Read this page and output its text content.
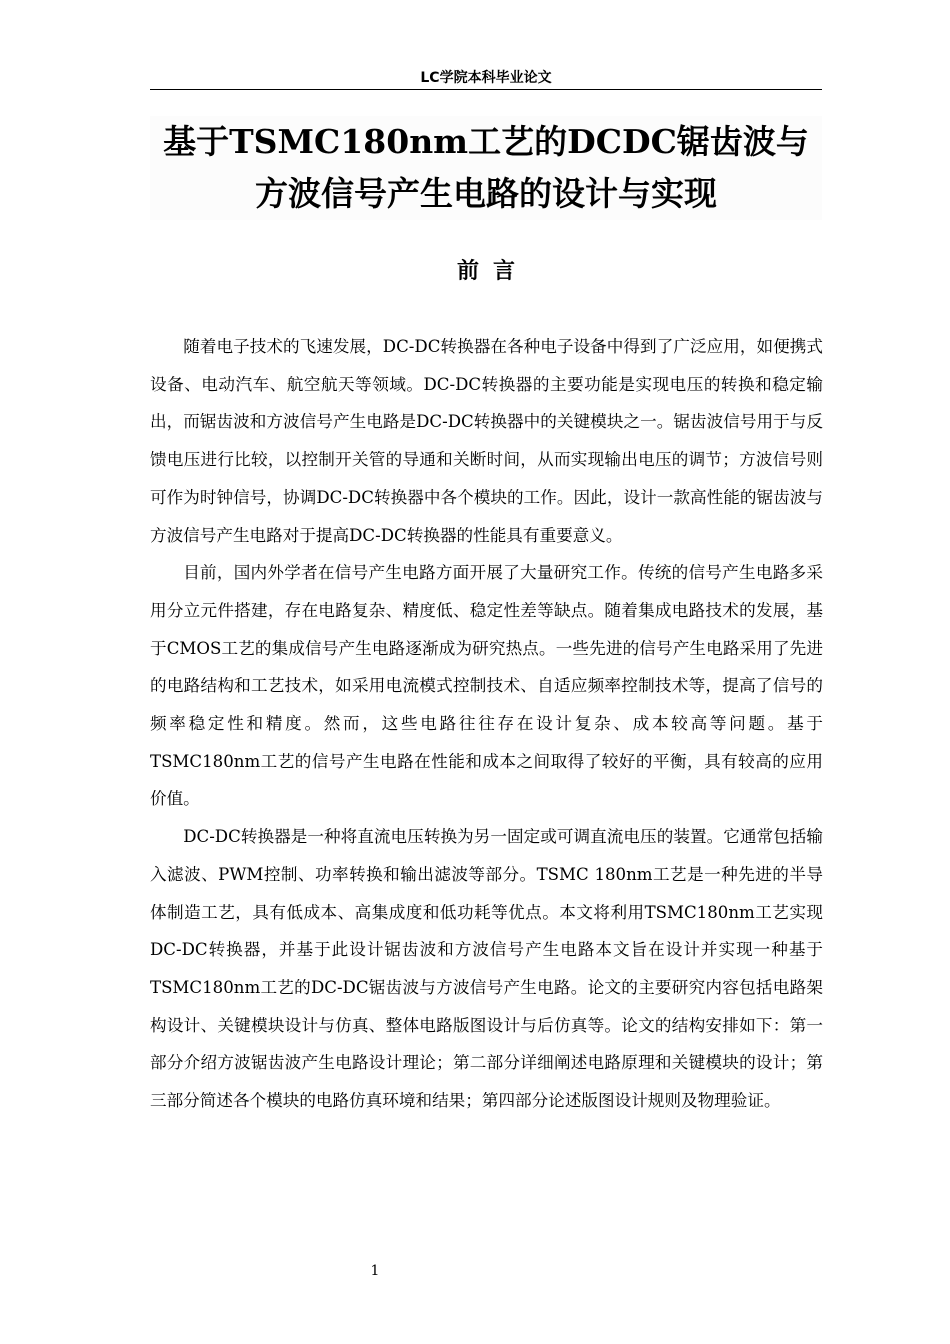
LC学院本科毕业论文
基于TSMC180nm工艺的DCDC锯齿波与
方波信号产生电路的设计与实现
前言

随着电子技术的飞速发展，DC-DC转换器在各种电子设备中得到了广泛应用，如便携式设备、电动汽车、航空航天等领域。DC-DC转换器的主要功能是实现电压的转换和稳定输出，而锯齿波和方波信号产生电路是DC-DC转换器中的关键模块之一。锯齿波信号用于与反馈电压进行比较，以控制开关管的导通和关断时间，从而实现输出电压的调节；方波信号则可作为时钟信号，协调DC-DC转换器中各个模块的工作。因此，设计一款高性能的锯齿波与方波信号产生电路对于提高DC-DC转换器的性能具有重要意义。

目前，国内外学者在信号产生电路方面开展了大量研究工作。传统的信号产生电路多采用分立元件搭建，存在电路复杂、精度低、稳定性差等缺点。随着集成电路技术的发展，基于CMOS工艺的集成信号产生电路逐渐成为研究热点。一些先进的信号产生电路采用了先进的电路结构和工艺技术，如采用电流模式控制技术、自适应频率控制技术等，提高了信号的频率稳定性和精度。然而，这些电路往往存在设计复杂、成本较高等问题。基于TSMC180nm工艺的信号产生电路在性能和成本之间取得了较好的平衡，具有较高的应用价值。

DC-DC转换器是一种将直流电压转换为另一固定或可调直流电压的装置。它通常包括输入滤波、PWM控制、功率转换和输出滤波等部分。TSMC 180nm工艺是一种先进的半导体制造工艺，具有低成本、高集成度和低功耗等优点。本文将利用TSMC180nm工艺实现DC-DC转换器，并基于此设计锯齿波和方波信号产生电路本文旨在设计并实现一种基于TSMC180nm工艺的DC-DC锯齿波与方波信号产生电路。论文的主要研究内容包括电路架构设计、关键模块设计与仿真、整体电路版图设计与后仿真等。论文的结构安排如下：第一部分介绍方波锯齿波产生电路设计理论；第二部分详细阐述电路原理和关键模块的设计；第三部分简述各个模块的电路仿真环境和结果；第四部分论述版图设计规则及物理验证。

1
